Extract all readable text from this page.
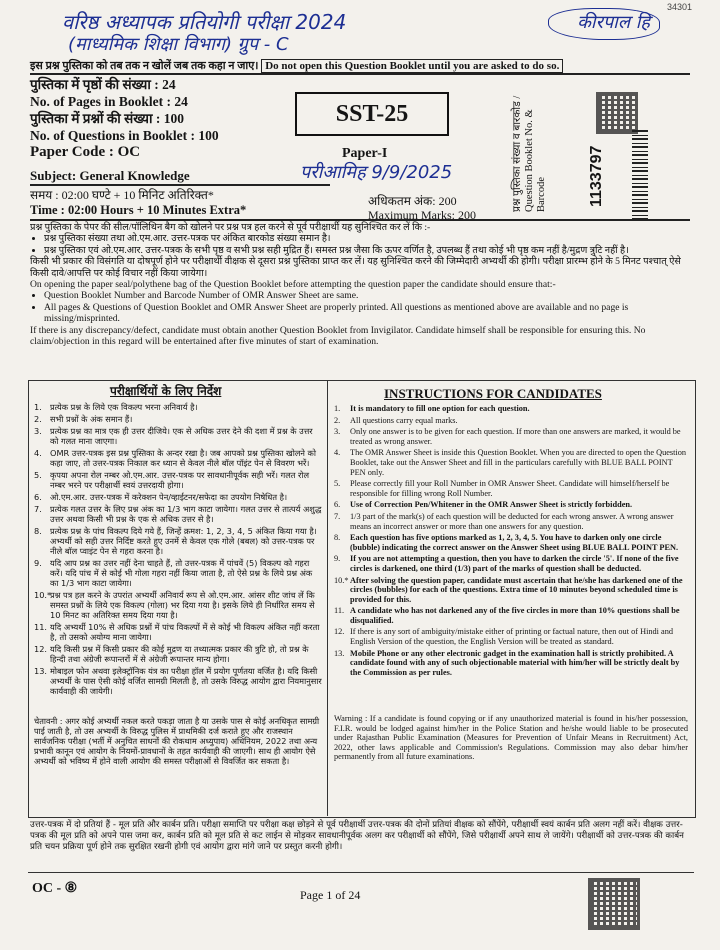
34301
वरिष्ठ अध्यापक प्रतियोगी परीक्षा 2024
(माध्यमिक शिक्षा विभाग) ग्रुप - C
कीरपाल हि
इस प्रश्न पुस्तिका को तब तक न खोलें जब तक कहा न जाए। Do not open this Question Booklet until you are asked to do so.
पुस्तिका में पृष्ठों की संख्या : 24
No. of Pages in Booklet : 24
पुस्तिका में प्रश्नों की संख्या : 100
No. of Questions in Booklet : 100
Paper Code : OC
SST-25
Paper-I
परीआमिह 9/9/2025
Subject: General Knowledge
समय : 02:00 घण्टे + 10 मिनिट अतिरिक्त*
Time : 02:00 Hours + 10 Minutes Extra*
अधिकतम अंक: 200
Maximum Marks: 200
प्रश्न पुस्तिका संख्या व बारकोड / Question Booklet No. & Barcode	1133797

प्रश्न पुस्तिका के पेपर की सील/पॉलिथिन बैग को खोलने पर प्रश्न पत्र हल करने से पूर्व परीक्षार्थी यह सुनिश्चित कर लें कि :-

• प्रश्न पुस्तिका संख्या तथा ओ.एम.आर. उत्तर-पत्रक पर अंकित बारकोड संख्या समान है।
• प्रश्न पुस्तिका एवं ओ.एम.आर. उत्तर-पत्रक के सभी पृष्ठ व सभी प्रश्न सही मुद्रित हैं। समस्त प्रश्न जैसा कि ऊपर वर्णित है, उपलब्ध हैं तथा कोई भी पृष्ठ कम नहीं है/मुद्रण त्रुटि नहीं है।

किसी भी प्रकार की विसंगति या दोषपूर्ण होने पर परीक्षार्थी वीक्षक से दूसरा प्रश्न पुस्तिका प्राप्त कर लें। यह सुनिश्चित करने की जिम्मेदारी अभ्यर्थी की होगी। परीक्षा प्रारम्भ होने के 5 मिनट पश्चात् ऐसे किसी दावे/आपत्ति पर कोई विचार नहीं किया जायेगा।

On opening the paper seal/polythene bag of the Question Booklet before attempting the question paper the candidate should ensure that:-

• Question Booklet Number and Barcode Number of OMR Answer Sheet are same.
• All pages & Questions of Question Booklet and OMR Answer Sheet are properly printed. All questions as mentioned above are available and no page is missing/misprinted.

If there is any discrepancy/defect, candidate must obtain another Question Booklet from Invigilator. Candidate himself shall be responsible for ensuring this. No claim/objection in this regard will be entertained after five minutes of start of examination.

परीक्षार्थियों के लिए निर्देश	INSTRUCTIONS FOR CANDIDATES
1. प्रत्येक प्रश्न के लिये एक विकल्प भरना अनिवार्य है।
2. सभी प्रश्नों के अंक समान हैं।
3. प्रत्येक प्रश्न का मात्र एक ही उत्तर दीजिये। एक से अधिक उत्तर देने की दशा में प्रश्न के उत्तर को गलत माना जाएगा।
4. OMR उत्तर-पत्रक इस प्रश्न पुस्तिका के अन्दर रखा है। जब आपको प्रश्न पुस्तिका खोलने को कहा जाए, तो उत्तर-पत्रक निकाल कर ध्यान से केवल नीले बॉल पॉइंट पेन से विवरण भरें।
5. कृपया अपना रोल नम्बर ओ.एम.आर. उत्तर-पत्रक पर सावधानीपूर्वक सही भरें। गलत रोल नम्बर भरने पर परीक्षार्थी स्वयं उत्तरदायी होगा।
6. ओ.एम.आर. उत्तर-पत्रक में करेक्शन पेन/व्हाईटनर/सफेदा का उपयोग निषेधित है।
7. प्रत्येक गलत उत्तर के लिए प्रश्न अंक का 1/3 भाग काटा जायेगा। गलत उत्तर से तात्पर्य अशुद्ध उत्तर अथवा किसी भी प्रश्न के एक से अधिक उत्तर से है।
8. प्रत्येक प्रश्न के पांच विकल्प दिये गये हैं, जिन्हें क्रमश: 1, 2, 3, 4, 5 अंकित किया गया है। अभ्यर्थी को सही उत्तर निर्दिष्ट करते हुए उनमें से केवल एक गोले (बबल) को उत्तर-पत्रक पर नीले बॉल प्वाइंट पेन से गहरा करना है।
9. यदि आप प्रश्न का उत्तर नहीं देना चाहते हैं, तो उत्तर-पत्रक में पांचवें (5) विकल्प को गहरा करें। यदि पांच में से कोई भी गोला गहरा नहीं किया जाता है, तो ऐसे प्रश्न के लिये प्रश्न अंक का 1/3 भाग काटा जायेगा।
10.*
प्रश्न पत्र हल करने के उपरांत अभ्यर्थी अनिवार्य रूप से ओ.एम.आर. आंसर शीट जांच लें कि समस्त प्रश्नों के लिये एक विकल्प (गोला) भर दिया गया है। इसके लिये ही निर्धारित समय से 10 मिनट का अतिरिक्त समय दिया गया है।
11. यदि अभ्यर्थी 10% से अधिक प्रश्नों में पांच विकल्पों में से कोई भी विकल्प अंकित नहीं करता है, तो उसको अयोग्य माना जायेगा।
12. यदि किसी प्रश्न में किसी प्रकार की कोई मुद्रण या तथ्यात्मक प्रकार की त्रुटि हो, तो प्रश्न के हिन्दी तथा अंग्रेजी रूपान्तरों में से अंग्रेजी रूपान्तर मान्य होगा।
13. मोबाइल फोन अथवा इलेक्ट्रॉनिक यंत्र का परीक्षा हॉल में प्रयोग पूर्णतया वर्जित है। यदि किसी अभ्यर्थी के पास ऐसी कोई वर्जित सामग्री मिलती है, तो उसके विरुद्ध आयोग द्वारा नियमानुसार कार्यवाही की जायेगी।
1.	It is mandatory to fill one option for each question.
2.	All questions carry equal marks.
3.	Only one answer is to be given for each question. If more than one answers are marked, it would be treated as wrong answer.
4.	The OMR Answer Sheet is inside this Question Booklet. When you are directed to open the Question Booklet, take out the Answer Sheet and fill in the particulars carefully with BLUE BALL POINT PEN only.
5.	Please correctly fill your Roll Number in OMR Answer Sheet. Candidate will himself/herself be responsible for filling wrong Roll Number.
6.	Use of Correction Pen/Whitener in the OMR Answer Sheet is strictly forbidden.
7.	1/3 part of the mark(s) of each question will be deducted for each wrong answer. A wrong answer means an incorrect answer or more than one answers for any question.
8.	Each question has five options marked as 1, 2, 3, 4, 5. You have to darken only one circle (bubble) indicating the correct answer on the Answer Sheet using BLUE BALL POINT PEN.
9.	If you are not attempting a question, then you have to darken the circle '5'. If none of the five circles is darkened, one third (1/3) part of the marks of question shall be deducted.
10.* After solving the question paper, candidate must ascertain that he/she has darkened one of the circles (bubbles) for each of the questions. Extra time of 10 minutes beyond scheduled time is provided for this.
11. A candidate who has not darkened any of the five circles in more than 10% questions shall be disqualified.
12. If there is any sort of ambiguity/mistake either of printing or factual nature, then out of Hindi and English Version of the question, the English Version will be treated as standard.
13. Mobile Phone or any other electronic gadget in the examination hall is strictly prohibited. A candidate found with any of such objectionable material with him/her will be strictly dealt by the Commission as per rules.
चेतावनी : अगर कोई अभ्यर्थी नकल करते पकड़ा जाता है या उसके पास से कोई अनधिकृत सामग्री पाई जाती है, तो उस अभ्यर्थी के विरुद्ध पुलिस में प्राथमिकी दर्ज कराते हुए और राजस्थान सार्वजनिक परीक्षा (भर्ती में अनुचित साधनों की रोकथाम अध्युपाय) अधिनियम, 2022 तथा अन्य प्रभावी कानून एवं आयोग के नियमों-प्रावधानों के तहत कार्यवाही की जाएगी। साथ ही आयोग ऐसे अभ्यर्थी को भविष्य में होने वाली आयोग की समस्त परीक्षाओं से विवर्जित कर सकता है।
Warning : If a candidate is found copying or if any unauthorized material is found in his/her possession, F.I.R. would be lodged against him/her in the Police Station and he/she would liable to be prosecuted under Rajasthan Public Examination (Measures for Prevention of Unfair Means in Recruitment) Act, 2022, other laws applicable and Commission's Regulations. Commission may also debar him/her permanently from all future examinations.
उत्तर-पत्रक में दो प्रतियां हैं - मूल प्रति और कार्बन प्रति। परीक्षा समाप्ति पर परीक्षा कक्ष छोड़ने से पूर्व परीक्षार्थी उत्तर-पत्रक की दोनों प्रतियां वीक्षक को सौंपेंगे, परीक्षार्थी स्वयं कार्बन प्रति अलग नहीं करें। वीक्षक उत्तर-पत्रक की मूल प्रति को अपने पास जमा कर, कार्बन प्रति को मूल प्रति से कट लाईन से मोड़कर सावधानीपूर्वक अलग कर परीक्षार्थी को सौंपेंगे, जिसे परीक्षार्थी अपने साथ ले जायेंगे। परीक्षार्थी को उत्तर-पत्रक की कार्बन प्रति चयन प्रक्रिया पूर्ण होने तक सुरक्षित रखनी होगी एवं आयोग द्वारा मांगे जाने पर प्रस्तुत करनी होगी।
OC - ⑧	Page 1 of 24
